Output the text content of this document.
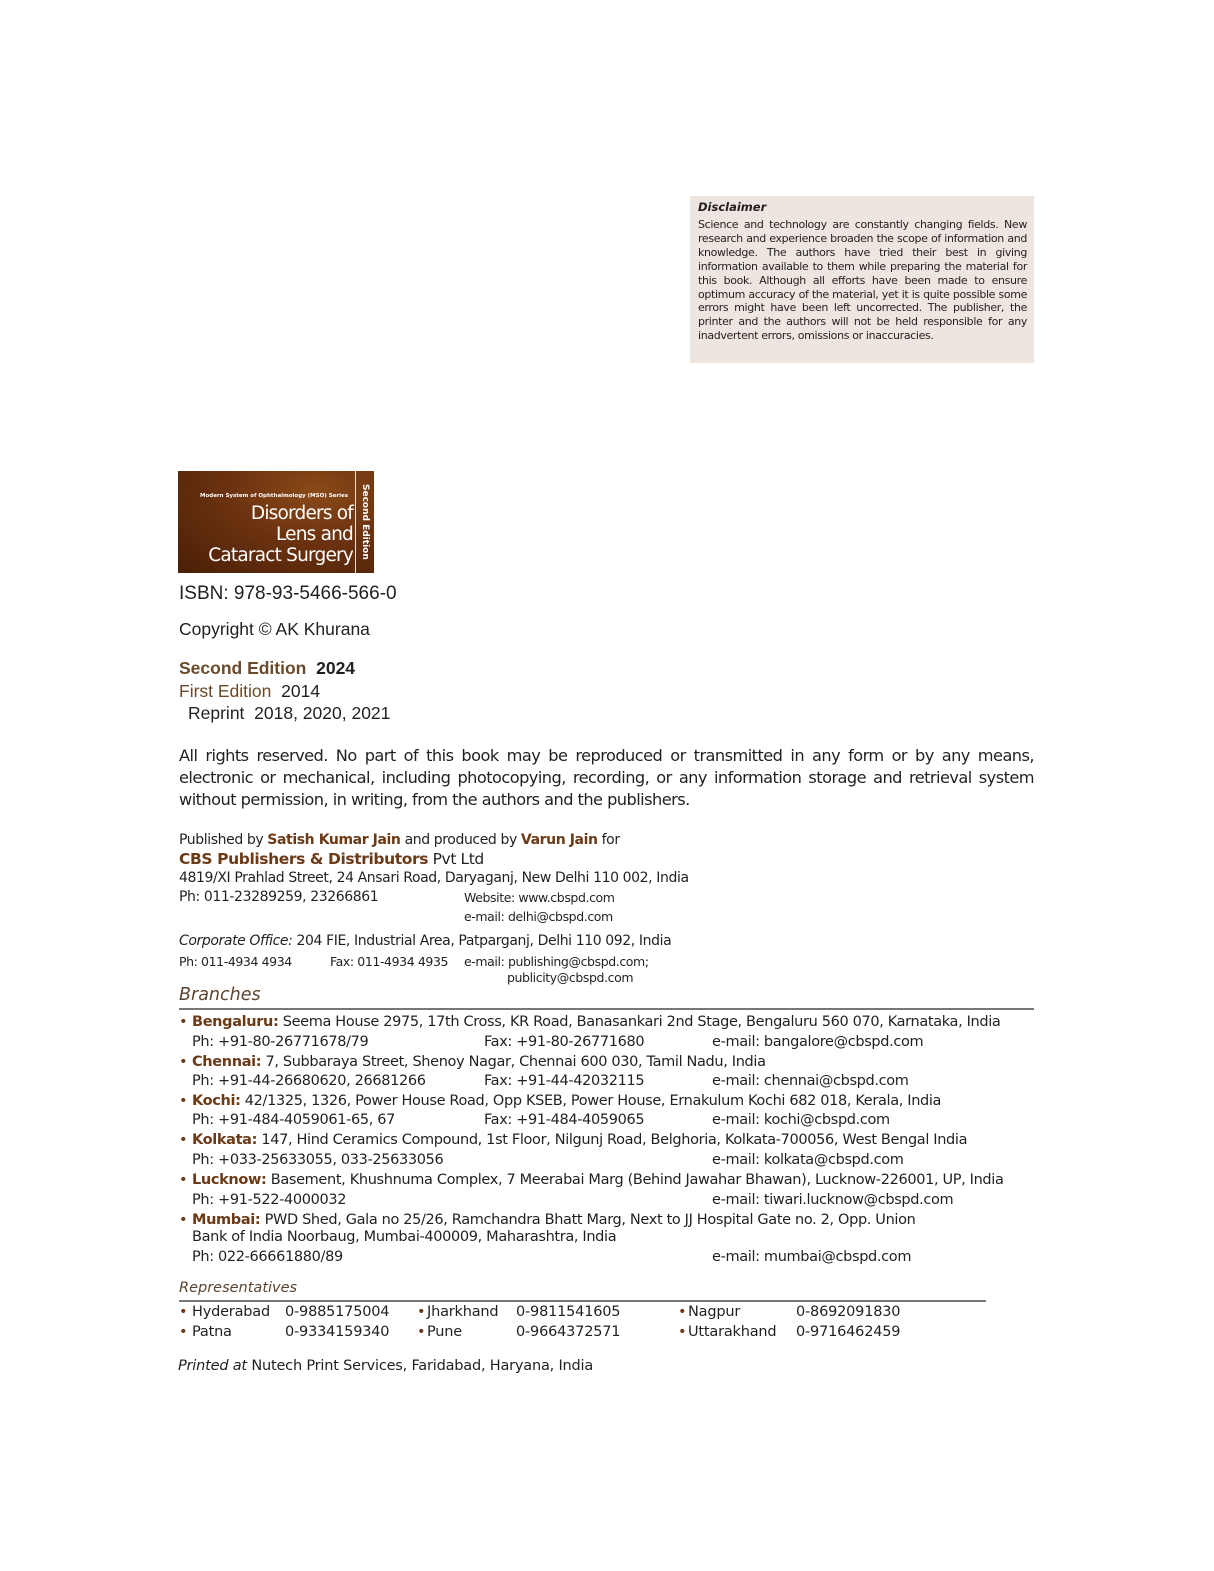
Disclaimer
Science and technology are constantly changing fields. New research and experience broaden the scope of information and knowledge. The authors have tried their best in giving information available to them while preparing the material for this book. Although all efforts have been made to ensure optimum accuracy of the material, yet it is quite possible some errors might have been left uncorrected. The publisher, the printer and the authors will not be held responsible for any inadvertent errors, omissions or inaccuracies.
Modern System of Ophthalmology (MSO) Series
Disorders of
Lens and
Cataract Surgery Second Edition
ISBN: 978-93-5466-566-0
Copyright © AK Khurana
Second Edition 2024
First Edition 2014
Reprint 2018, 2020, 2021
All rights reserved. No part of this book may be reproduced or transmitted in any form or by any means, electronic or mechanical, including photocopying, recording, or any information storage and retrieval system without permission, in writing, from the authors and the publishers.
Published by Satish Kumar Jain and produced by Varun Jain for
CBS Publishers & Distributors Pvt Ltd
4819/XI Prahlad Street, 24 Ansari Road, Daryaganj, New Delhi 110 002, India
Ph: 011-23289259, 23266861	Website: www.cbspd.com
e-mail: delhi@cbspd.com
Corporate Office: 204 FIE, Industrial Area, Patparganj, Delhi 110 092, India
Ph: 011-4934 4934	Fax: 011-4934 4935 e-mail: publishing@cbspd.com;
publicity@cbspd.com
Branches
• Bengaluru: Seema House 2975, 17th Cross, KR Road, Banasankari 2nd Stage, Bengaluru 560 070, Karnataka, India
Ph: +91-80-26771678/79	Fax: +91-80-26771680	e-mail: bangalore@cbspd.com
• Chennai: 7, Subbaraya Street, Shenoy Nagar, Chennai 600 030, Tamil Nadu, India
Ph: +91-44-26680620, 26681266	Fax: +91-44-42032115	e-mail: chennai@cbspd.com
• Kochi: 42/1325, 1326, Power House Road, Opp KSEB, Power House, Ernakulum Kochi 682 018, Kerala, India
Ph: +91-484-4059061-65, 67	Fax: +91-484-4059065	e-mail: kochi@cbspd.com
• Kolkata: 147, Hind Ceramics Compound, 1st Floor, Nilgunj Road, Belghoria, Kolkata-700056, West Bengal India
Ph: +033-25633055, 033-25633056	e-mail: kolkata@cbspd.com
• Lucknow: Basement, Khushnuma Complex, 7 Meerabai Marg (Behind Jawahar Bhawan), Lucknow-226001, UP, India
Ph: +91-522-4000032	e-mail: tiwari.lucknow@cbspd.com
• Mumbai: PWD Shed, Gala no 25/26, Ramchandra Bhatt Marg, Next to JJ Hospital Gate no. 2, Opp. Union
Bank of India Noorbaug, Mumbai-400009, Maharashtra, India
Ph: 022-66661880/89	e-mail: mumbai@cbspd.com
Representatives
• Hyderabad 0-9885175004 • Jharkhand 0-9811541605	• Nagpur	0-8692091830
• Patna	0-9334159340 • Pune	0-9664372571	• Uttarakhand 0-9716462459
Printed at Nutech Print Services, Faridabad, Haryana, India
